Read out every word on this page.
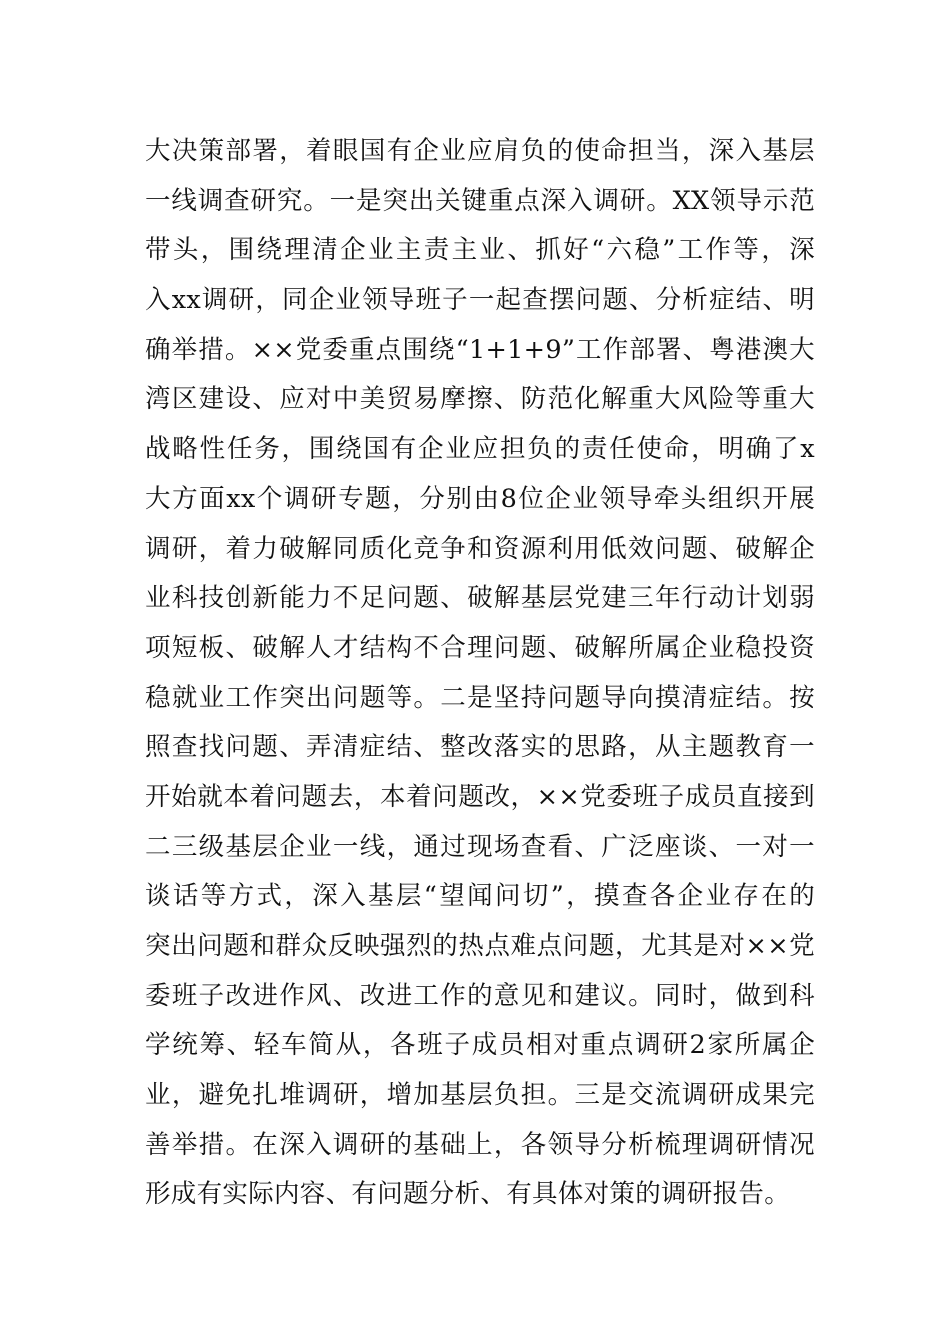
大决策部署，着眼国有企业应肩负的使命担当，深入基层
一线调查研究。一是突出关键重点深入调研。XX领导示范
带头，围绕理清企业主责主业、抓好“六稳”工作等，深
入xx调研，同企业领导班子一起查摆问题、分析症结、明
确举措。××党委重点围绕“1+1+9”工作部署、粤港澳大
湾区建设、应对中美贸易摩擦、防范化解重大风险等重大
战略性任务，围绕国有企业应担负的责任使命，明确了x
大方面xx个调研专题，分别由8位企业领导牵头组织开展
调研，着力破解同质化竞争和资源利用低效问题、破解企
业科技创新能力不足问题、破解基层党建三年行动计划弱
项短板、破解人才结构不合理问题、破解所属企业稳投资
稳就业工作突出问题等。二是坚持问题导向摸清症结。按
照查找问题、弄清症结、整改落实的思路，从主题教育一
开始就本着问题去，本着问题改，××党委班子成员直接到
二三级基层企业一线，通过现场查看、广泛座谈、一对一
谈话等方式，深入基层“望闻问切”，摸查各企业存在的
突出问题和群众反映强烈的热点难点问题，尤其是对××党
委班子改进作风、改进工作的意见和建议。同时，做到科
学统筹、轻车简从，各班子成员相对重点调研2家所属企
业，避免扎堆调研，增加基层负担。三是交流调研成果完
善举措。在深入调研的基础上，各领导分析梳理调研情况
形成有实际内容、有问题分析、有具体对策的调研报告。
